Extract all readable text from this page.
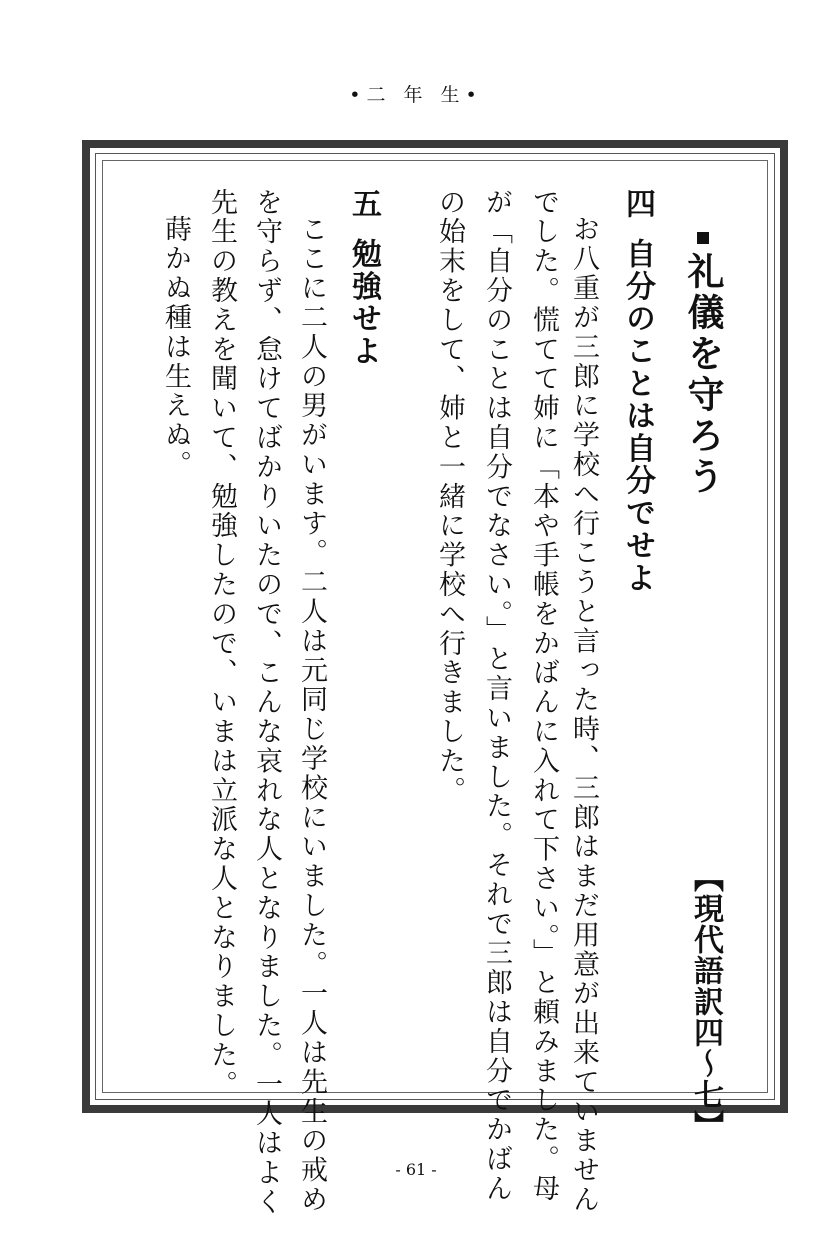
•二 年 生•
【現代語訳四～七】
礼儀を守ろう
四
自分のことは自分でせよ
お八重が三郎に学校へ行こうと言った時、三郎はまだ用意が出来ていません
でした。慌てて姉に「本や手帳をかばんに入れて下さい。」と頼みました。母
が「自分のことは自分でなさい。」と言いました。それで三郎は自分でかばん
の始末をして、姉と一緒に学校へ行きました。
五
勉強せよ
ここに二人の男がいます。二人は元同じ学校にいました。一人は先生の戒め
を守らず、怠けてばかりいたので、こんな哀れな人となりました。一人はよく
先生の教えを聞いて、勉強したので、いまは立派な人となりました。
蒔かぬ種は生えぬ。
- 61 -
